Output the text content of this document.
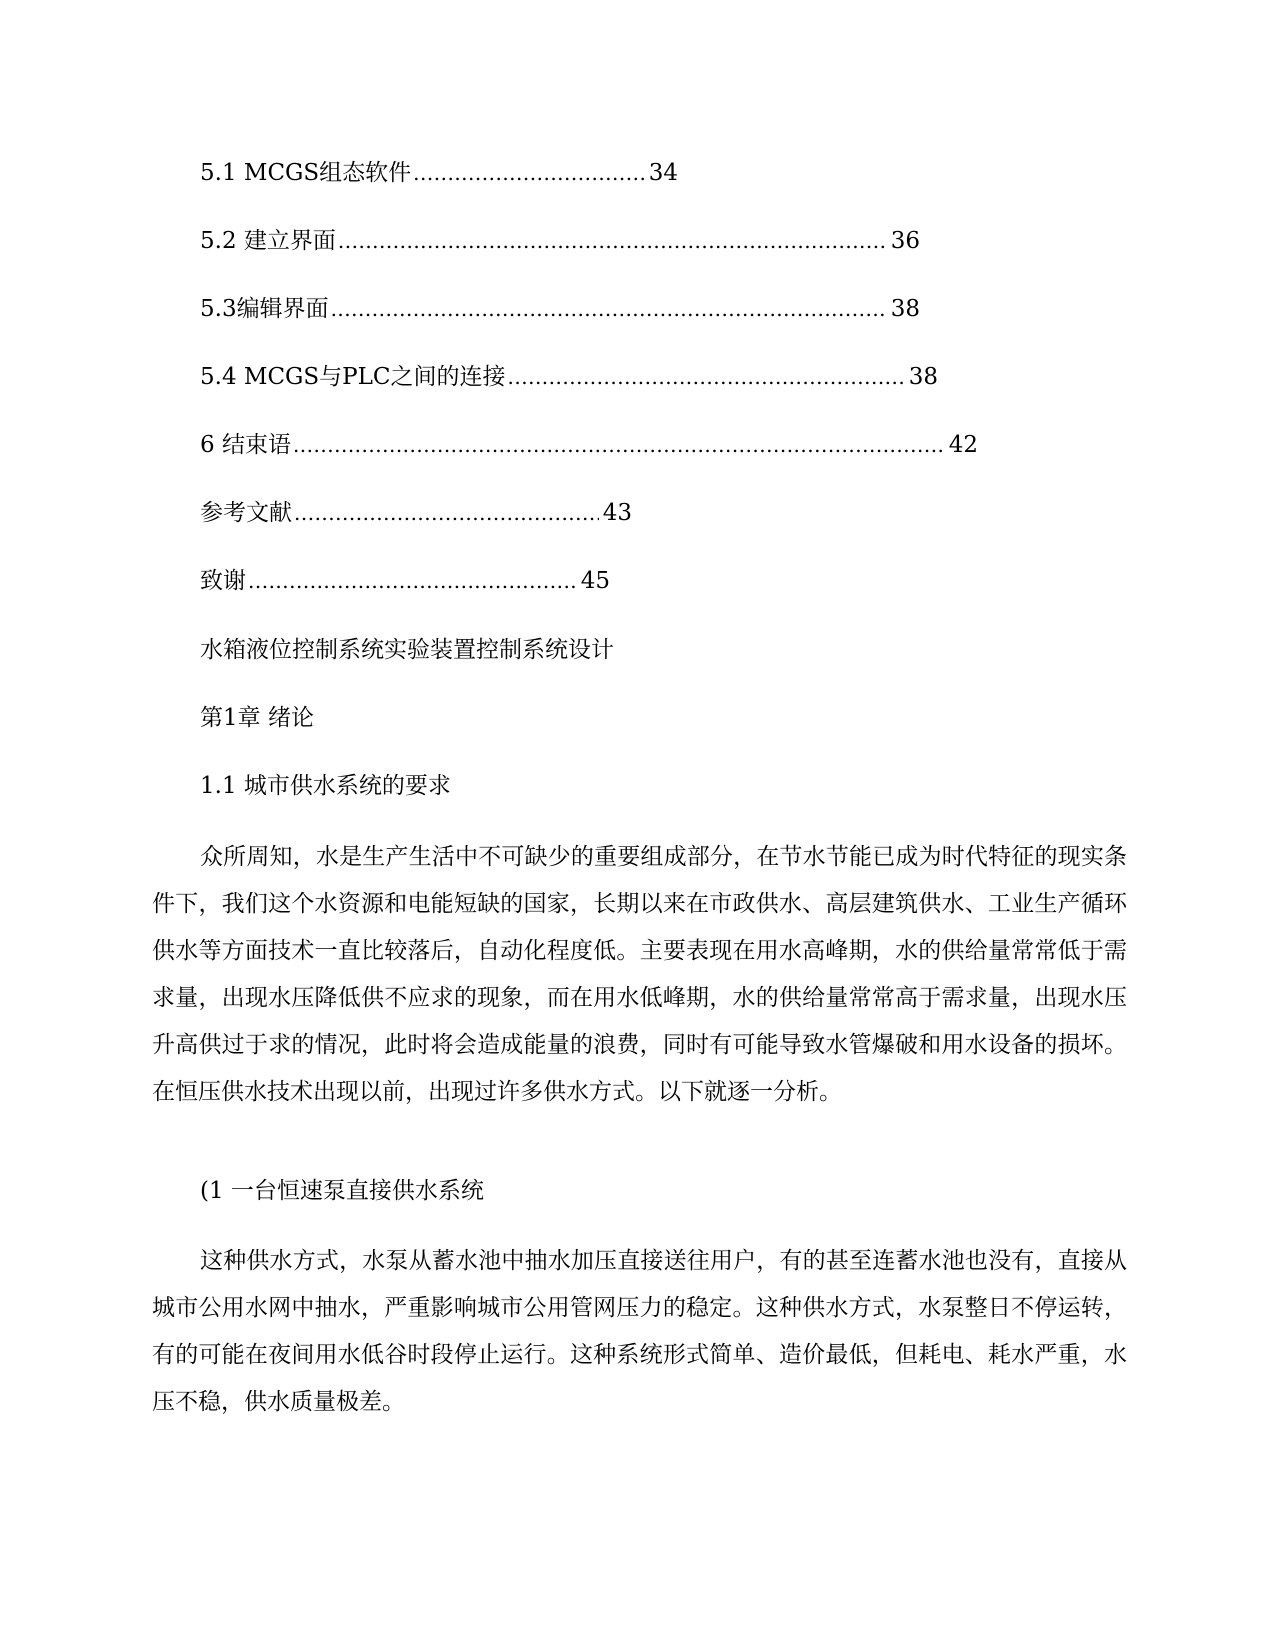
5.1 MCGS组态软件 .....	34
5.2 建立界面 .....	36
5.3编辑界面 .....	38
5.4 MCGS与PLC之间的连接 .....	38
6 结束语 .....	42
参考文献 .....	43
致谢 .....	45
水箱液位控制系统实验装置控制系统设计
第1章 绪论
1.1 城市供水系统的要求

众所周知，水是生产生活中不可缺少的重要组成部分，在节水节能已成为时代特征的现实条件下，我们这个水资源和电能短缺的国家，长期以来在市政供水、高层建筑供水、工业生产循环供水等方面技术一直比较落后，自动化程度低。主要表现在用水高峰期，水的供给量常常低于需求量，出现水压降低供不应求的现象，而在用水低峰期，水的供给量常常高于需求量，出现水压升高供过于求的情况，此时将会造成能量的浪费，同时有可能导致水管爆破和用水设备的损坏。在恒压供水技术出现以前，出现过许多供水方式。以下就逐一分析。

(1 一台恒速泵直接供水系统

这种供水方式，水泵从蓄水池中抽水加压直接送往用户，有的甚至连蓄水池也没有，直接从城市公用水网中抽水，严重影响城市公用管网压力的稳定。这种供水方式，水泵整日不停运转，有的可能在夜间用水低谷时段停止运行。这种系统形式简单、造价最低，但耗电、耗水严重，水压不稳，供水质量极差。
